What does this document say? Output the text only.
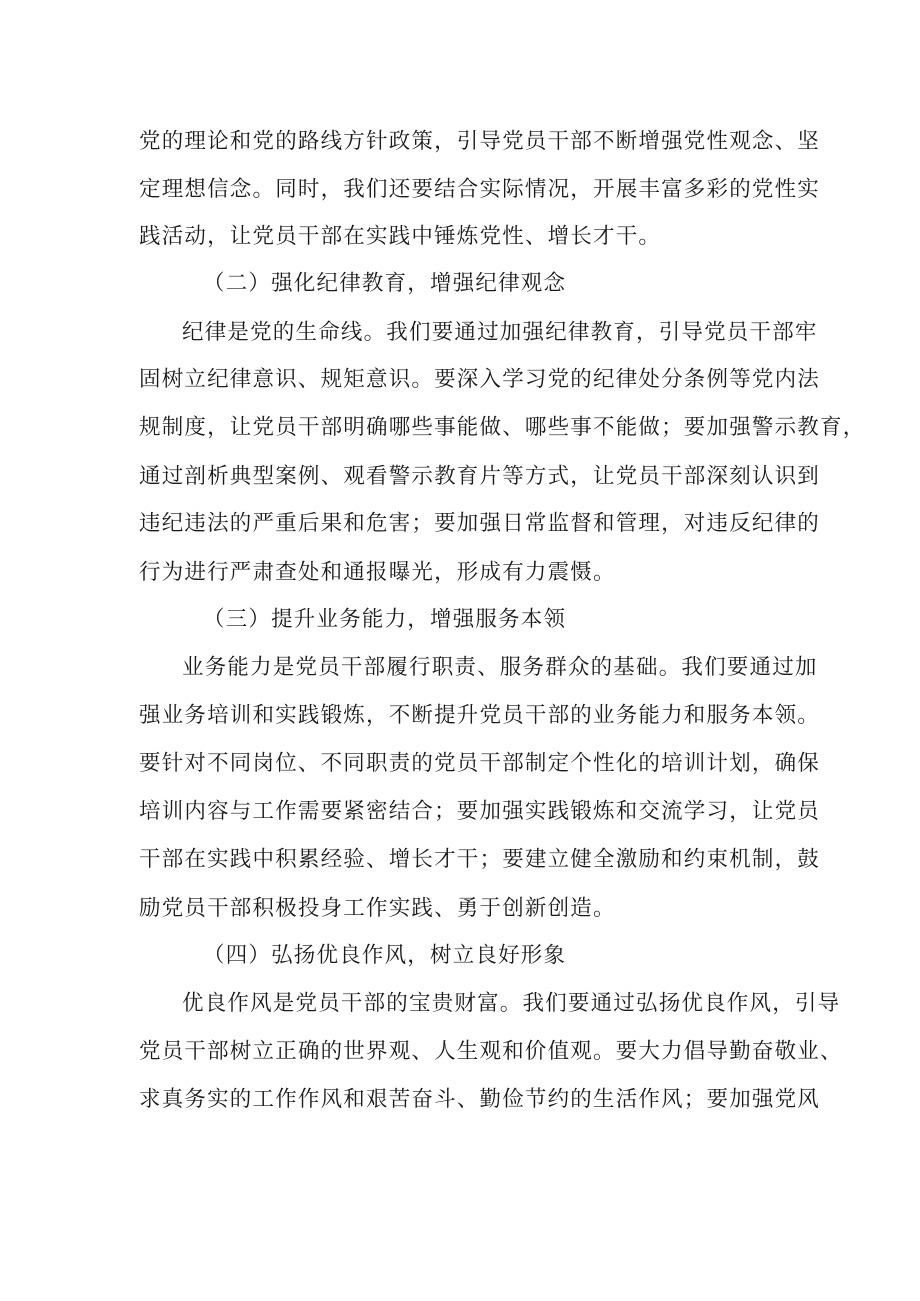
党的理论和党的路线方针政策，引导党员干部不断增强党性观念、坚
定理想信念。同时，我们还要结合实际情况，开展丰富多彩的党性实
践活动，让党员干部在实践中锤炼党性、增长才干。
（二）强化纪律教育，增强纪律观念
纪律是党的生命线。我们要通过加强纪律教育，引导党员干部牢
固树立纪律意识、规矩意识。要深入学习党的纪律处分条例等党内法
规制度，让党员干部明确哪些事能做、哪些事不能做；要加强警示教育，
通过剖析典型案例、观看警示教育片等方式，让党员干部深刻认识到
违纪违法的严重后果和危害；要加强日常监督和管理，对违反纪律的
行为进行严肃查处和通报曝光，形成有力震慑。
（三）提升业务能力，增强服务本领
业务能力是党员干部履行职责、服务群众的基础。我们要通过加
强业务培训和实践锻炼，不断提升党员干部的业务能力和服务本领。
要针对不同岗位、不同职责的党员干部制定个性化的培训计划，确保
培训内容与工作需要紧密结合；要加强实践锻炼和交流学习，让党员
干部在实践中积累经验、增长才干；要建立健全激励和约束机制，鼓
励党员干部积极投身工作实践、勇于创新创造。
（四）弘扬优良作风，树立良好形象
优良作风是党员干部的宝贵财富。我们要通过弘扬优良作风，引导
党员干部树立正确的世界观、人生观和价值观。要大力倡导勤奋敬业、
求真务实的工作作风和艰苦奋斗、勤俭节约的生活作风；要加强党风
